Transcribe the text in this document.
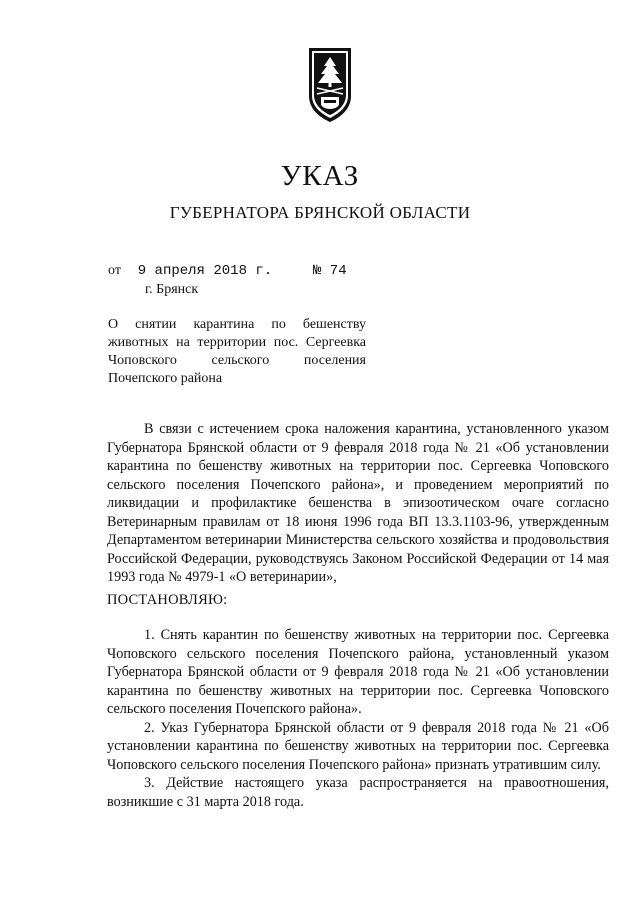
УКАЗ
ГУБЕРНАТОРА БРЯНСКОЙ ОБЛАСТИ
от 9 апреля 2018 г.	№ 74
г. Брянск
О снятии карантина по бешенству
животных на территории пос. Сергеевка
Чоповского сельского поселения
Почепского района

В связи с истечением срока наложения карантина, установленного указом Губернатора Брянской области от 9 февраля 2018 года № 21 «Об установлении карантина по бешенству животных на территории пос. Сергеевка Чоповского сельского поселения Почепского района», и проведением мероприятий по ликвидации и профилактике бешенства в эпизоотическом очаге согласно Ветеринарным правилам от 18 июня 1996 года ВП 13.3.1103-96, утвержденным Департаментом ветеринарии Министерства сельского хозяйства и продовольствия Российской Федерации, руководствуясь Законом Российской Федерации от 14 мая 1993 года № 4979-1 «О ветеринарии»,

ПОСТАНОВЛЯЮ:

1. Снять карантин по бешенству животных на территории пос. Сергеевка Чоповского сельского поселения Почепского района, установленный указом Губернатора Брянской области от 9 февраля 2018 года № 21 «Об установлении карантина по бешенству животных на территории пос. Сергеевка Чоповского сельского поселения Почепского района».

2. Указ Губернатора Брянской области от 9 февраля 2018 года № 21 «Об установлении карантина по бешенству животных на территории пос. Сергеевка Чоповского сельского поселения Почепского района» признать утратившим силу.

3. Действие настоящего указа распространяется на правоотношения, возникшие с 31 марта 2018 года.
